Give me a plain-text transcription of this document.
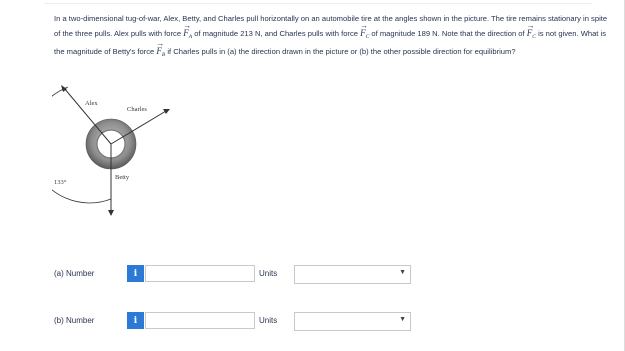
In a two-dimensional tug-of-war, Alex, Betty, and Charles pull horizontally on an automobile tire at the angles shown in the picture. The tire remains stationary in spite of the three pulls. Alex pulls with force
→
$F_A$ of magnitude 213 N, and Charles pulls with force
→
$F_C$ of magnitude 189 N. Note that the direction of
→
$F_C$ is not given. What is the magnitude of Betty's force
→
$F_B$ if Charles pulls in (a) the direction drawn in the picture or (b) the other possible direction for equilibrium?
Alex
Charles
Betty
133°
(a) Number	i	Units	▼
(b) Number	i	Units	▼
